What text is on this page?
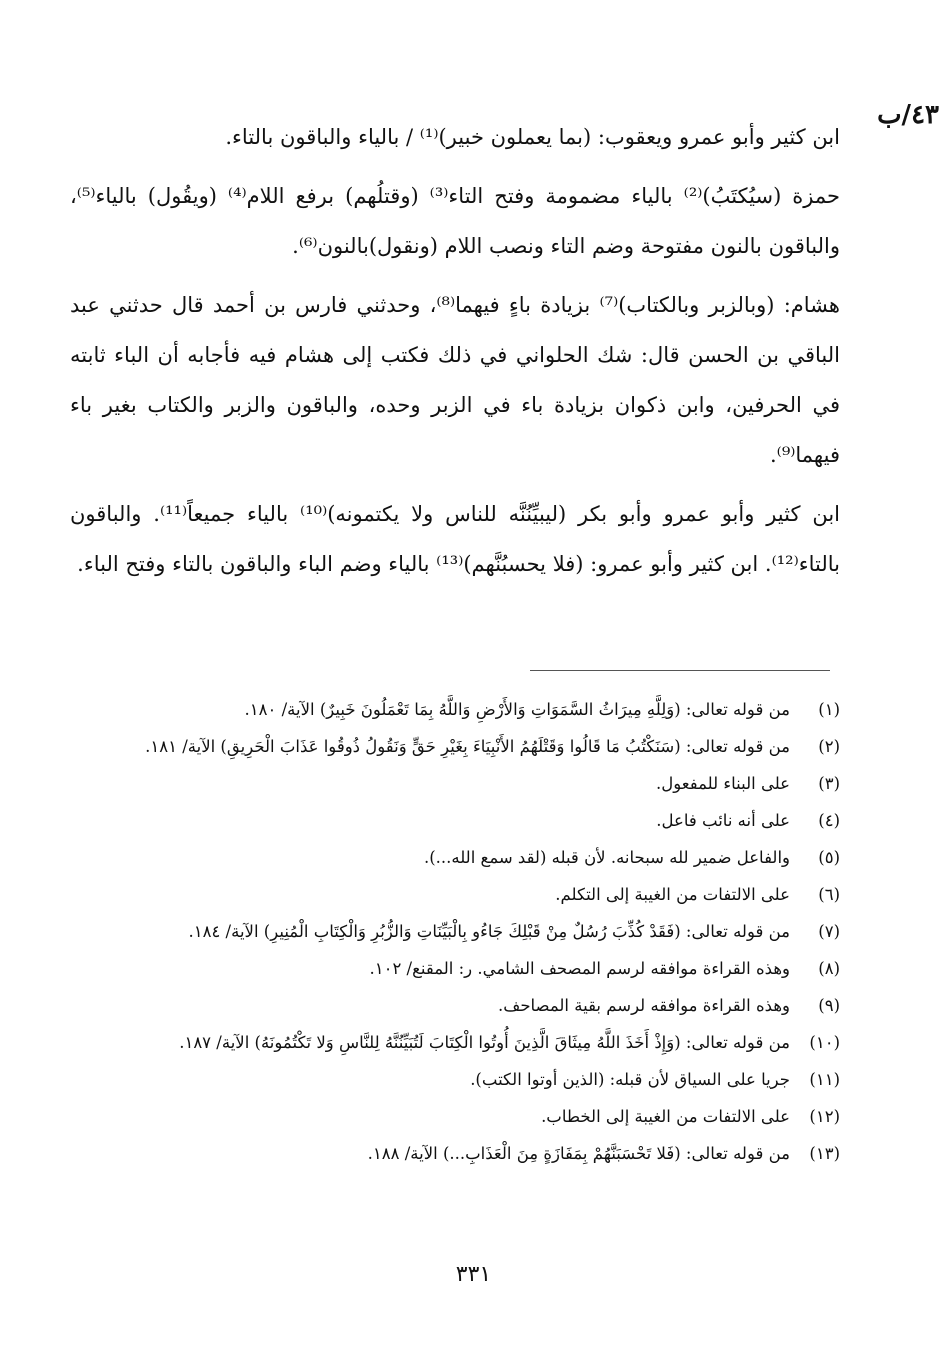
٤٣/ب

ابن كثير وأبو عمرو ويعقوب: (بما يعملون خبير)⁽¹⁾ / بالياء والباقون بالتاء.

حمزة (سيُكتَبُ)⁽²⁾ بالياء مضمومة وفتح التاء⁽³⁾ (وقتلُهم) برفع اللام⁽⁴⁾ (ويقُول) بالياء⁽⁵⁾، والباقون بالنون مفتوحة وضم التاء ونصب اللام (ونقول)بالنون⁽⁶⁾.

هشام: (وبالزبر وبالكتاب)⁽⁷⁾ بزيادة باءٍ فيهما⁽⁸⁾، وحدثني فارس بن أحمد قال حدثني عبد الباقي بن الحسن قال: شك الحلواني في ذلك فكتب إلى هشام فيه فأجابه أن الباء ثابته في الحرفين، وابن ذكوان بزيادة باء في الزبر وحده، والباقون والزبر والكتاب بغير باء فيهما⁽⁹⁾.

ابن كثير وأبو عمرو وأبو بكر (ليبيِّنُنَّه للناس ولا يكتمونه)⁽¹⁰⁾ بالياء جميعاً⁽¹¹⁾. والباقون بالتاء⁽¹²⁾. ابن كثير وأبو عمرو: (فلا يحسبُنَّهم)⁽¹³⁾ بالياء وضم الباء والباقون بالتاء وفتح الباء.

(١)
من قوله تعالى: (وَلِلَّهِ مِيرَاثُ السَّمَوَاتِ وَالأَرْضِ وَاللَّهُ بِمَا تَعْمَلُونَ خَبِيرٌ) الآية/ ١٨٠.
(٢)
من قوله تعالى: (سَنَكْتُبُ مَا قَالُوا وَقَتْلَهُمُ الأَنْبِيَاءَ بِغَيْرِ حَقٍّ وَنَقُولُ ذُوقُوا عَذَابَ الْحَرِيقِ) الآية/ ١٨١.
(٣)
على البناء للمفعول.
(٤)
على أنه نائب فاعل.
(٥)
والفاعل ضمير لله سبحانه. لأن قبله (لقد سمع الله...).
(٦)
على الالتفات من الغيبة إلى التكلم.
(٧)
من قوله تعالى: (فَقَدْ كُذِّبَ رُسُلٌ مِنْ قَبْلِكَ جَاءُو بِالْبَيِّنَاتِ وَالزُّبُرِ وَالْكِتَابِ الْمُنِيرِ) الآية/ ١٨٤.
(٨)
وهذه القراءة موافقه لرسم المصحف الشامي. ر: المقنع/ ١٠٢.
(٩)
وهذه القراءة موافقه لرسم بقية المصاحف.
(١٠)
من قوله تعالى: (وَإِذْ أَخَذَ اللَّهُ مِيثَاقَ الَّذِينَ أُوتُوا الْكِتَابَ لَتُبَيِّنُنَّهُ لِلنَّاسِ وَلا تَكْتُمُونَهُ) الآية/ ١٨٧.
(١١)
جريا على السياق لأن قبله: (الذين أوتوا الكتب).
(١٢)
على الالتفات من الغيبة إلى الخطاب.
(١٣)
من قوله تعالى: (فَلا تَحْسَبَنَّهُمْ بِمَفَازَةٍ مِنَ الْعَذَابِ...) الآية/ ١٨٨.
٣٣١
